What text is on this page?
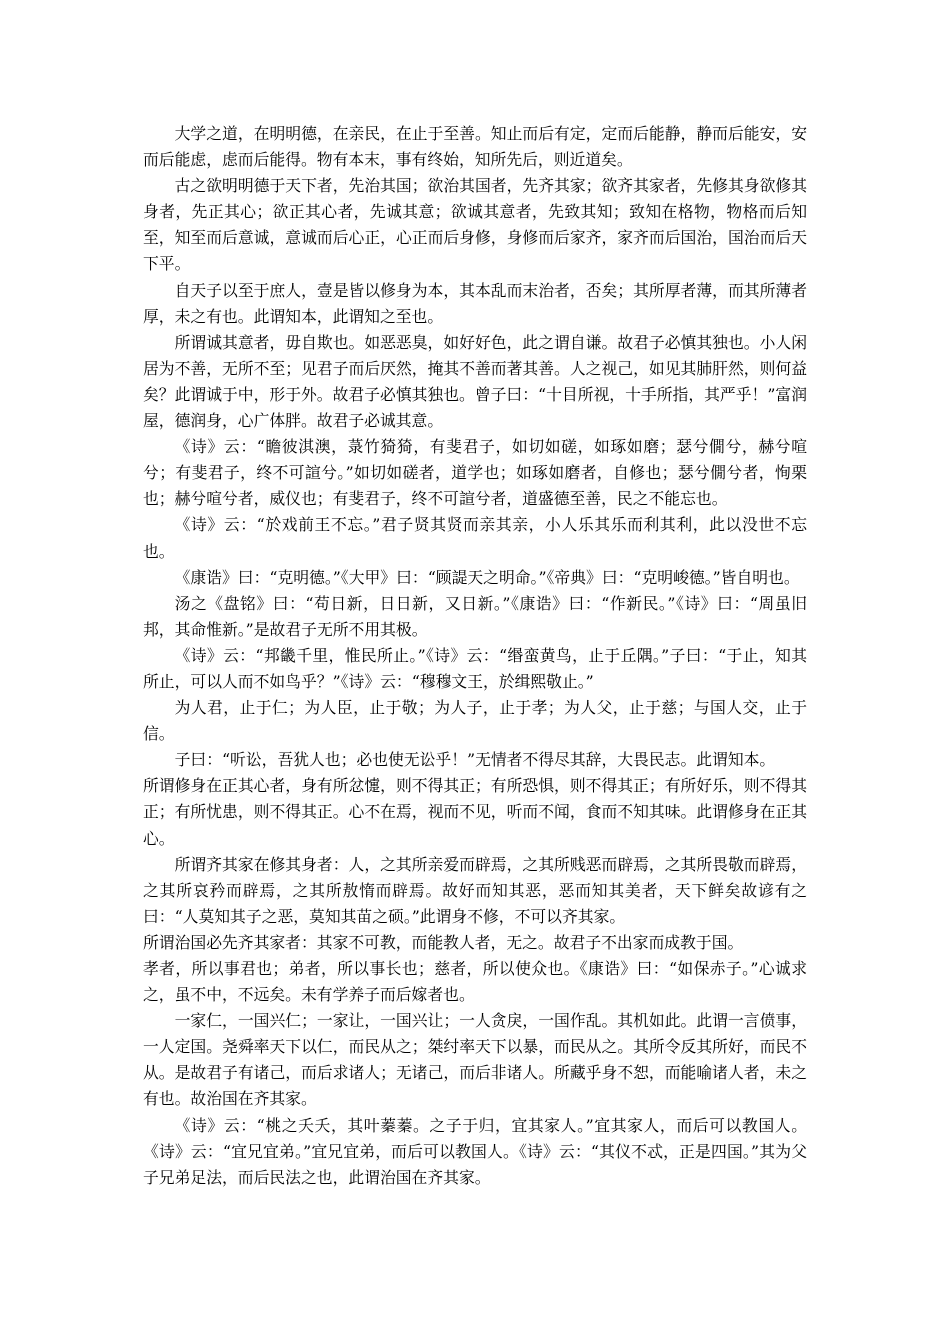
大学之道，在明明德，在亲民，在止于至善。知止而后有定，定而后能静，静而后能安，安而后能虑，虑而后能得。物有本末，事有终始，知所先后，则近道矣。

古之欲明明德于天下者，先治其国；欲治其国者，先齐其家；欲齐其家者，先修其身欲修其身者，先正其心；欲正其心者，先诚其意；欲诚其意者，先致其知；致知在格物，物格而后知至，知至而后意诚，意诚而后心正，心正而后身修，身修而后家齐，家齐而后国治，国治而后天下平。

自天子以至于庶人，壹是皆以修身为本，其本乱而末治者，否矣；其所厚者薄，而其所薄者厚，未之有也。此谓知本，此谓知之至也。

所谓诚其意者，毋自欺也。如恶恶臭，如好好色，此之谓自谦。故君子必慎其独也。小人闲居为不善，无所不至；见君子而后厌然，掩其不善而著其善。人之视己，如见其肺肝然，则何益矣？此谓诚于中，形于外。故君子必慎其独也。曾子曰：“十目所视，十手所指，其严乎！”富润屋，德润身，心广体胖。故君子必诚其意。

《诗》云：“瞻彼淇澳，菉竹猗猗，有斐君子，如切如磋，如琢如磨；瑟兮僩兮，赫兮喧兮；有斐君子，终不可諠兮。”如切如磋者，道学也；如琢如磨者，自修也；瑟兮僩兮者，恂栗也；赫兮喧兮者，威仪也；有斐君子，终不可諠兮者，道盛德至善，民之不能忘也。

《诗》云：“於戏前王不忘。”君子贤其贤而亲其亲，小人乐其乐而利其利，此以没世不忘也。

《康诰》曰：“克明德。”《大甲》曰：“顾諟天之明命。”《帝典》曰：“克明峻德。”皆自明也。

汤之《盘铭》曰：“苟日新，日日新，又日新。”《康诰》曰：“作新民。”《诗》曰：“周虽旧邦，其命惟新。”是故君子无所不用其极。

《诗》云：“邦畿千里，惟民所止。”《诗》云：“缗蛮黄鸟，止于丘隅。”子曰：“于止，知其所止，可以人而不如鸟乎？”《诗》云：“穆穆文王，於缉熙敬止。”

为人君，止于仁；为人臣，止于敬；为人子，止于孝；为人父，止于慈；与国人交，止于信。

子曰：“听讼，吾犹人也；必也使无讼乎！”无情者不得尽其辞，大畏民志。此谓知本。

所谓修身在正其心者，身有所忿懥，则不得其正；有所恐惧，则不得其正；有所好乐，则不得其正；有所忧患，则不得其正。心不在焉，视而不见，听而不闻，食而不知其味。此谓修身在正其心。

所谓齐其家在修其身者：人，之其所亲爱而辟焉，之其所贱恶而辟焉，之其所畏敬而辟焉，之其所哀矜而辟焉，之其所敖惰而辟焉。故好而知其恶，恶而知其美者，天下鲜矣故谚有之曰：“人莫知其子之恶，莫知其苗之硕。”此谓身不修，不可以齐其家。

所谓治国必先齐其家者：其家不可教，而能教人者，无之。故君子不出家而成教于国。

孝者，所以事君也；弟者，所以事长也；慈者，所以使众也。《康诰》曰：“如保赤子。”心诚求之，虽不中，不远矣。未有学养子而后嫁者也。

一家仁，一国兴仁；一家让，一国兴让；一人贪戾，一国作乱。其机如此。此谓一言偾事，一人定国。尧舜率天下以仁，而民从之；桀纣率天下以暴，而民从之。其所令反其所好，而民不从。是故君子有诸己，而后求诸人；无诸己，而后非诸人。所藏乎身不恕，而能喻诸人者，未之有也。故治国在齐其家。

《诗》云：“桃之夭夭，其叶蓁蓁。之子于归，宜其家人。”宜其家人，而后可以教国人。《诗》云：“宜兄宜弟。”宜兄宜弟，而后可以教国人。《诗》云：“其仪不忒，正是四国。”其为父子兄弟足法，而后民法之也，此谓治国在齐其家。
